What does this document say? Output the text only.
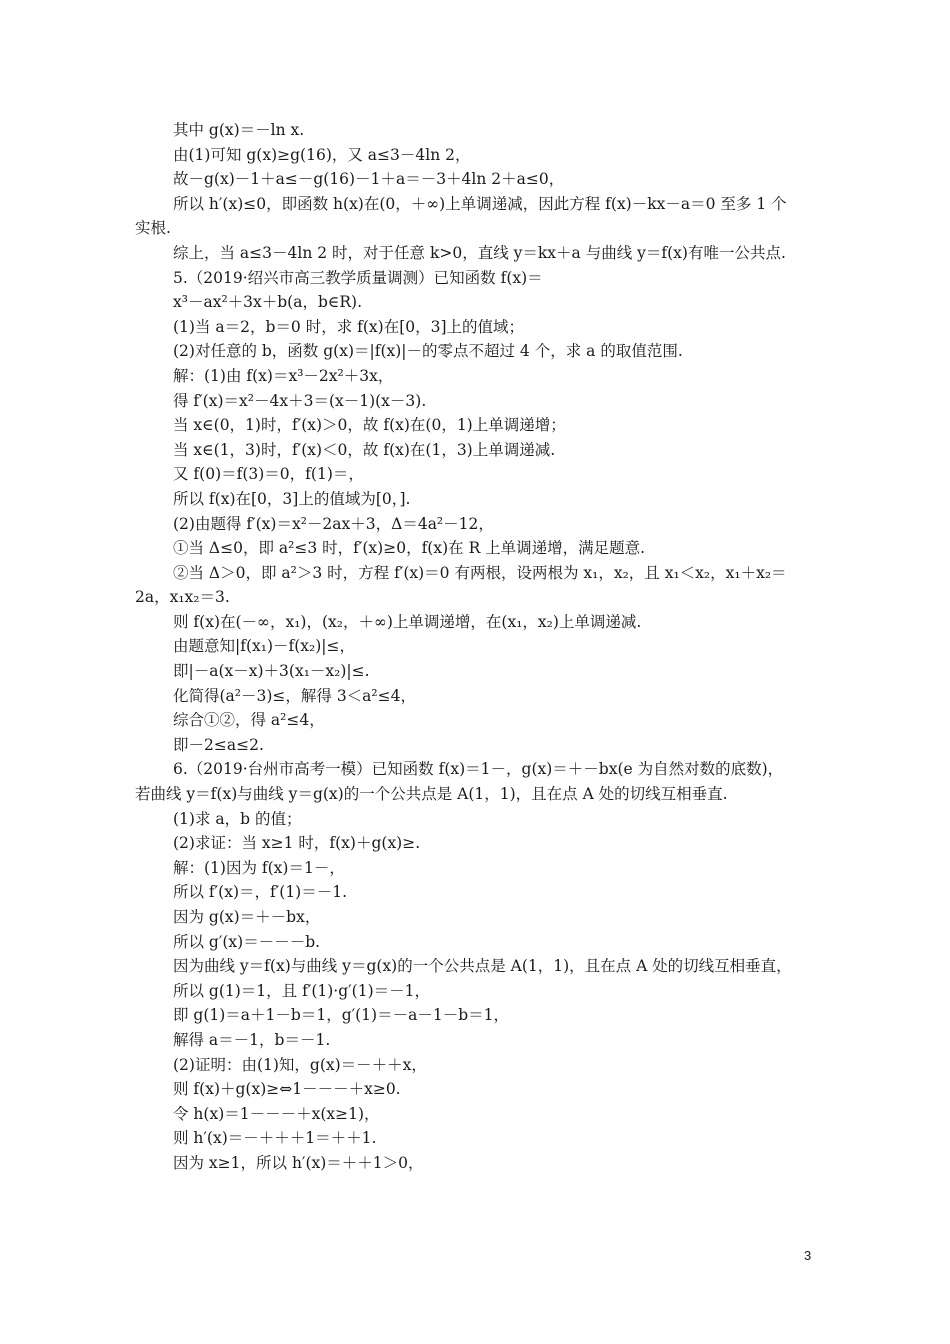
其中 g(x)＝－ln x.
由(1)可知 g(x)≥g(16)，又 a≤3－4ln 2，
故－g(x)－1＋a≤－g(16)－1＋a＝－3＋4ln 2＋a≤0，
所以 h′(x)≤0，即函数 h(x)在(0，＋∞)上单调递减，因此方程 f(x)－kx－a＝0 至多 1 个
实根.
综上，当 a≤3－4ln 2 时，对于任意 k>0，直线 y＝kx＋a 与曲线 y＝f(x)有唯一公共点.
5.（2019·绍兴市高三教学质量调测）已知函数 f(x)＝
x³－ax²＋3x＋b(a，b∈R).
(1)当 a＝2，b＝0 时，求 f(x)在[0，3]上的值域；
(2)对任意的 b，函数 g(x)＝|f(x)|－的零点不超过 4 个，求 a 的取值范围.
解：(1)由 f(x)＝x³－2x²＋3x，
得 f′(x)＝x²－4x＋3＝(x－1)(x－3).
当 x∈(0，1)时，f′(x)＞0，故 f(x)在(0，1)上单调递增；
当 x∈(1，3)时，f′(x)＜0，故 f(x)在(1，3)上单调递减.
又 f(0)＝f(3)＝0，f(1)＝，
所以 f(x)在[0，3]上的值域为[0，].
(2)由题得 f′(x)＝x²－2ax＋3，Δ＝4a²－12，
①当 Δ≤0，即 a²≤3 时，f′(x)≥0，f(x)在 R 上单调递增，满足题意.
②当 Δ＞0，即 a²＞3 时，方程 f′(x)＝0 有两根，设两根为 x₁，x₂，且 x₁＜x₂，x₁＋x₂＝
2a，x₁x₂＝3.
则 f(x)在(－∞，x₁)，(x₂，＋∞)上单调递增，在(x₁，x₂)上单调递减.
由题意知|f(x₁)－f(x₂)|≤，
即|－a(x－x)＋3(x₁－x₂)|≤.
化简得(a²－3)≤，解得 3＜a²≤4，
综合①②，得 a²≤4，
即－2≤a≤2.
6.（2019·台州市高考一模）已知函数 f(x)＝1－，g(x)＝＋－bx(e 为自然对数的底数)，
若曲线 y＝f(x)与曲线 y＝g(x)的一个公共点是 A(1，1)，且在点 A 处的切线互相垂直.
(1)求 a，b 的值；
(2)求证：当 x≥1 时，f(x)＋g(x)≥.
解：(1)因为 f(x)＝1－，
所以 f′(x)＝，f′(1)＝－1.
因为 g(x)＝＋－bx，
所以 g′(x)＝－－－b.
因为曲线 y＝f(x)与曲线 y＝g(x)的一个公共点是 A(1，1)，且在点 A 处的切线互相垂直，
所以 g(1)＝1，且 f′(1)·g′(1)＝－1，
即 g(1)＝a＋1－b＝1，g′(1)＝－a－1－b＝1，
解得 a＝－1，b＝－1.
(2)证明：由(1)知，g(x)＝－＋＋x，
则 f(x)＋g(x)≥⇔1－－－＋x≥0.
令 h(x)＝1－－－＋x(x≥1)，
则 h′(x)＝－＋＋＋1＝＋＋1.
因为 x≥1，所以 h′(x)＝＋＋1＞0，
3
